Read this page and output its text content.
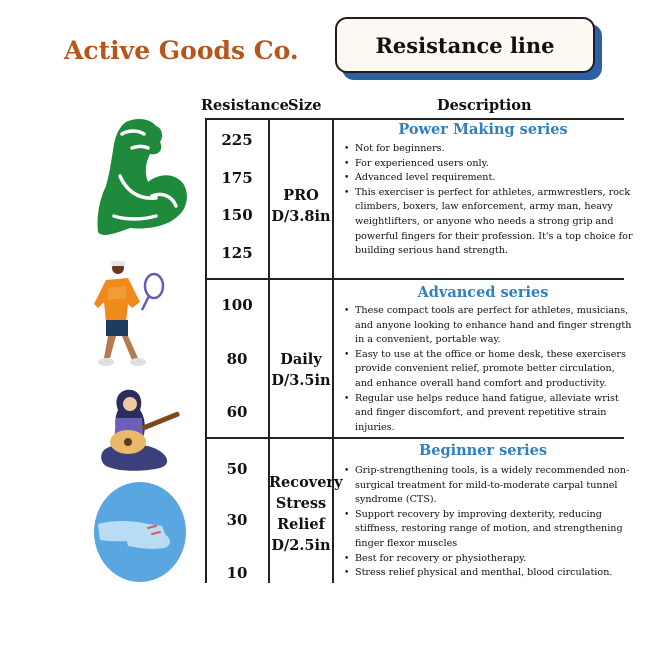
Active Goods Co.	Resistance line
Resistance Size	Description
225
175
150
125
PRO
D/3.8in
Power Making series
• Not for beginners.
• For experienced users only.
• Advanced level requirement.
• This exerciser is perfect for athletes, armwrestlers, rock climbers, boxers, law enforcement, army man, heavy weightlifters, or anyone who needs a strong grip and powerful fingers for their profession. It's a top choice for building serious hand strength.
100
80
60
Daily
D/3.5in
Advanced series
• These compact tools are perfect for athletes, musicians, and anyone looking to enhance hand and finger strength in a convenient, portable way.
• Easy to use at the office or home desk, these exercisers provide convenient relief, promote better circulation, and enhance overall hand comfort and productivity.
• Regular use helps reduce hand fatigue, alleviate wrist and finger discomfort, and prevent repetitive strain injuries.
50
30
10
Recovery
Stress
Relief
D/2.5in
Beginner series
• Grip-strengthening tools, is a widely recommended non-surgical treatment for mild-to-moderate carpal tunnel syndrome (CTS).
• Support recovery by improving dexterity, reducing stiffness, restoring range of motion, and strengthening finger flexor muscles
• Best for recovery or physiotherapy.
• Stress relief physical and menthal, blood circulation.
